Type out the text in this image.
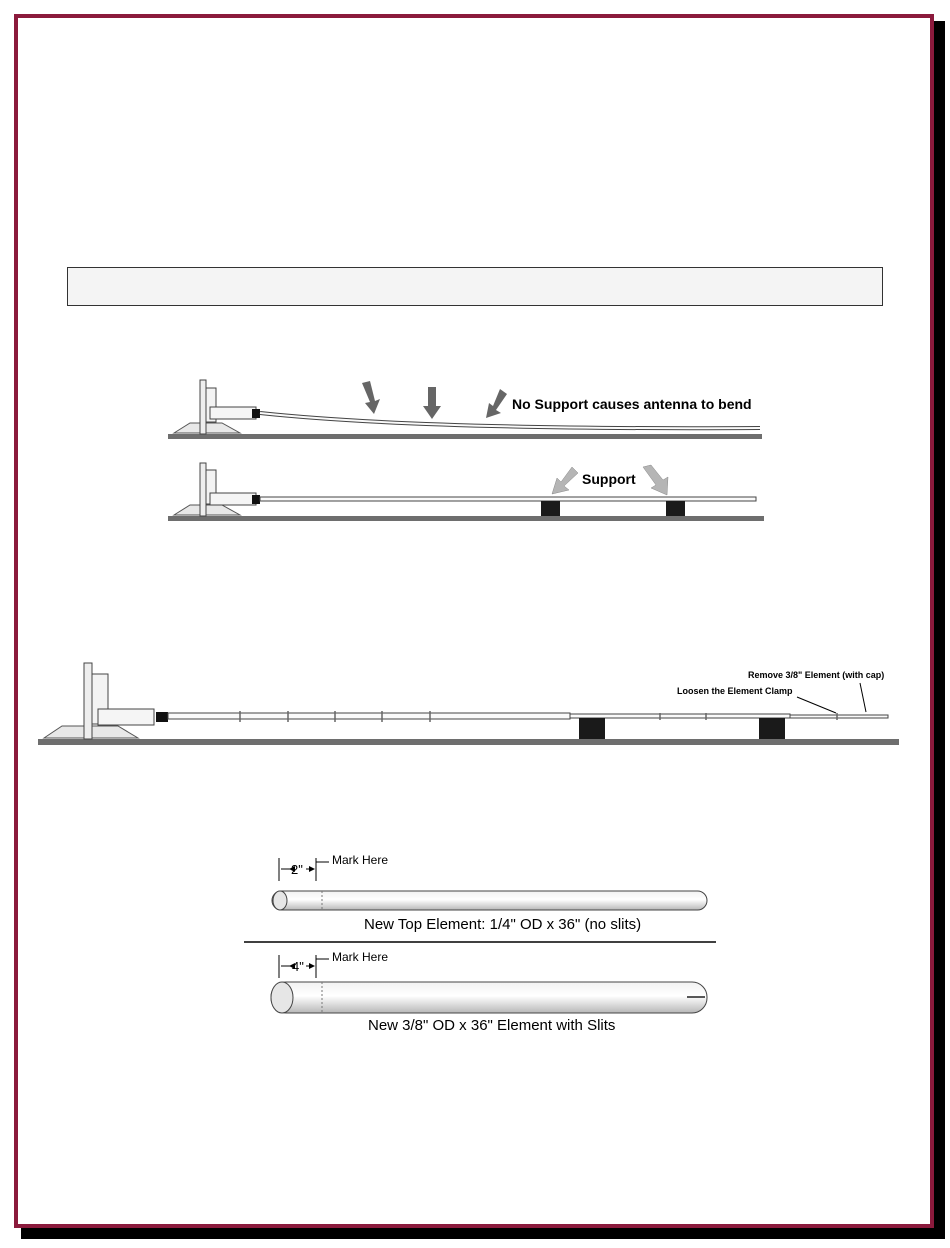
No Support causes antenna to bend
Support
Remove 3/8" Element (with cap)
Loosen the Element Clamp
2"
Mark Here
New Top Element: 1/4" OD x 36" (no slits)
4"
Mark Here
New 3/8" OD x 36" Element with Slits
